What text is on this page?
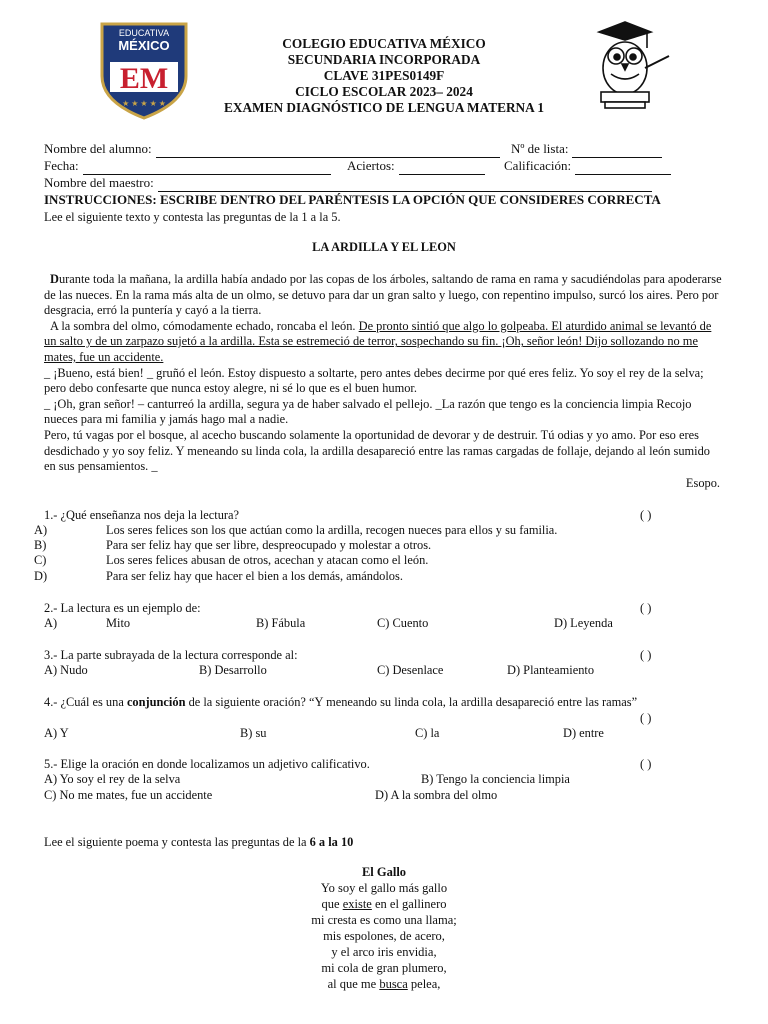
EDUCATIVA
MÉXICO
EM
★ ★ ★ ★ ★
COLEGIO EDUCATIVA MÉXICO
SECUNDARIA INCORPORADA
CLAVE 31PES0149F
CICLO ESCOLAR 2023– 2024
EXAMEN DIAGNÓSTICO DE LENGUA MATERNA 1
Nombre del alumno:	Nº de lista:
Fecha:	Aciertos:	Calificación:
Nombre del maestro:
INSTRUCCIONES: ESCRIBE DENTRO DEL PARÉNTESIS LA OPCIÓN QUE CONSIDERES CORRECTA
Lee el siguiente texto y contesta las preguntas de la 1 a la 5.
LA ARDILLA Y EL LEON

Durante toda la mañana, la ardilla había andado por las copas de los árboles, saltando de rama en rama y sacudiéndolas para apoderarse de las nueces. En la rama más alta de un olmo, se detuvo para dar un gran salto y luego, con repentino impulso, surcó los aires. Pero por desgracia, erró la puntería y cayó a la tierra.

A la sombra del olmo, cómodamente echado, roncaba el león. De pronto sintió que algo lo golpeaba. El aturdido animal se levantó de un salto y de un zarpazo sujetó a la ardilla. Esta se estremeció de terror, sospechando su fin. ¡Oh, señor león! Dijo sollozando no me mates, fue un accidente.

_ ¡Bueno, está bien! _ gruñó el león. Estoy dispuesto a soltarte, pero antes debes decirme por qué eres feliz. Yo soy el rey de la selva; pero debo confesarte que nunca estoy alegre, ni sé lo que es el buen humor.

_ ¡Oh, gran señor! – canturreó la ardilla, segura ya de haber salvado el pellejo. _La razón que tengo es la conciencia limpia Recojo nueces para mi familia y jamás hago mal a nadie.

Pero, tú vagas por el bosque, al acecho buscando solamente la oportunidad de devorar y de destruir. Tú odias y yo amo. Por eso eres desdichado y yo soy feliz. Y meneando su linda cola, la ardilla desapareció entre las ramas cargadas de follaje, dejando al león sumido en sus pensamientos. _

Esopo.
1.- ¿Qué enseñanza nos deja la lectura?	( )
A)	Los seres felices son los que actúan como la ardilla, recogen nueces para ellos y su familia.
B)	Para ser feliz hay que ser libre, despreocupado y molestar a otros.
C)	Los seres felices abusan de otros, acechan y atacan como el león.
D)	Para ser feliz hay que hacer el bien a los demás, amándolos.
2.- La lectura es un ejemplo de:	( )
A)	Mito	B) Fábula	C) Cuento	D) Leyenda
3.- La parte subrayada de la lectura corresponde al:	( )
A) Nudo	B) Desarrollo	C) Desenlace	D) Planteamiento
4.- ¿Cuál es una conjunción de la siguiente oración? “Y meneando su linda cola, la ardilla desapareció entre las ramas”
( )
A) Y	B) su	C) la	D) entre
5.- Elige la oración en donde localizamos un adjetivo calificativo.	( )
A) Yo soy el rey de la selva	B) Tengo la conciencia limpia
C) No me mates, fue un accidente	D) A la sombra del olmo
Lee el siguiente poema y contesta las preguntas de la 6 a la 10
El Gallo
Yo soy el gallo más gallo
que existe en el gallinero
mi cresta es como una llama;
mis espolones, de acero,
y el arco iris envidia,
mi cola de gran plumero,
al que me busca pelea,
